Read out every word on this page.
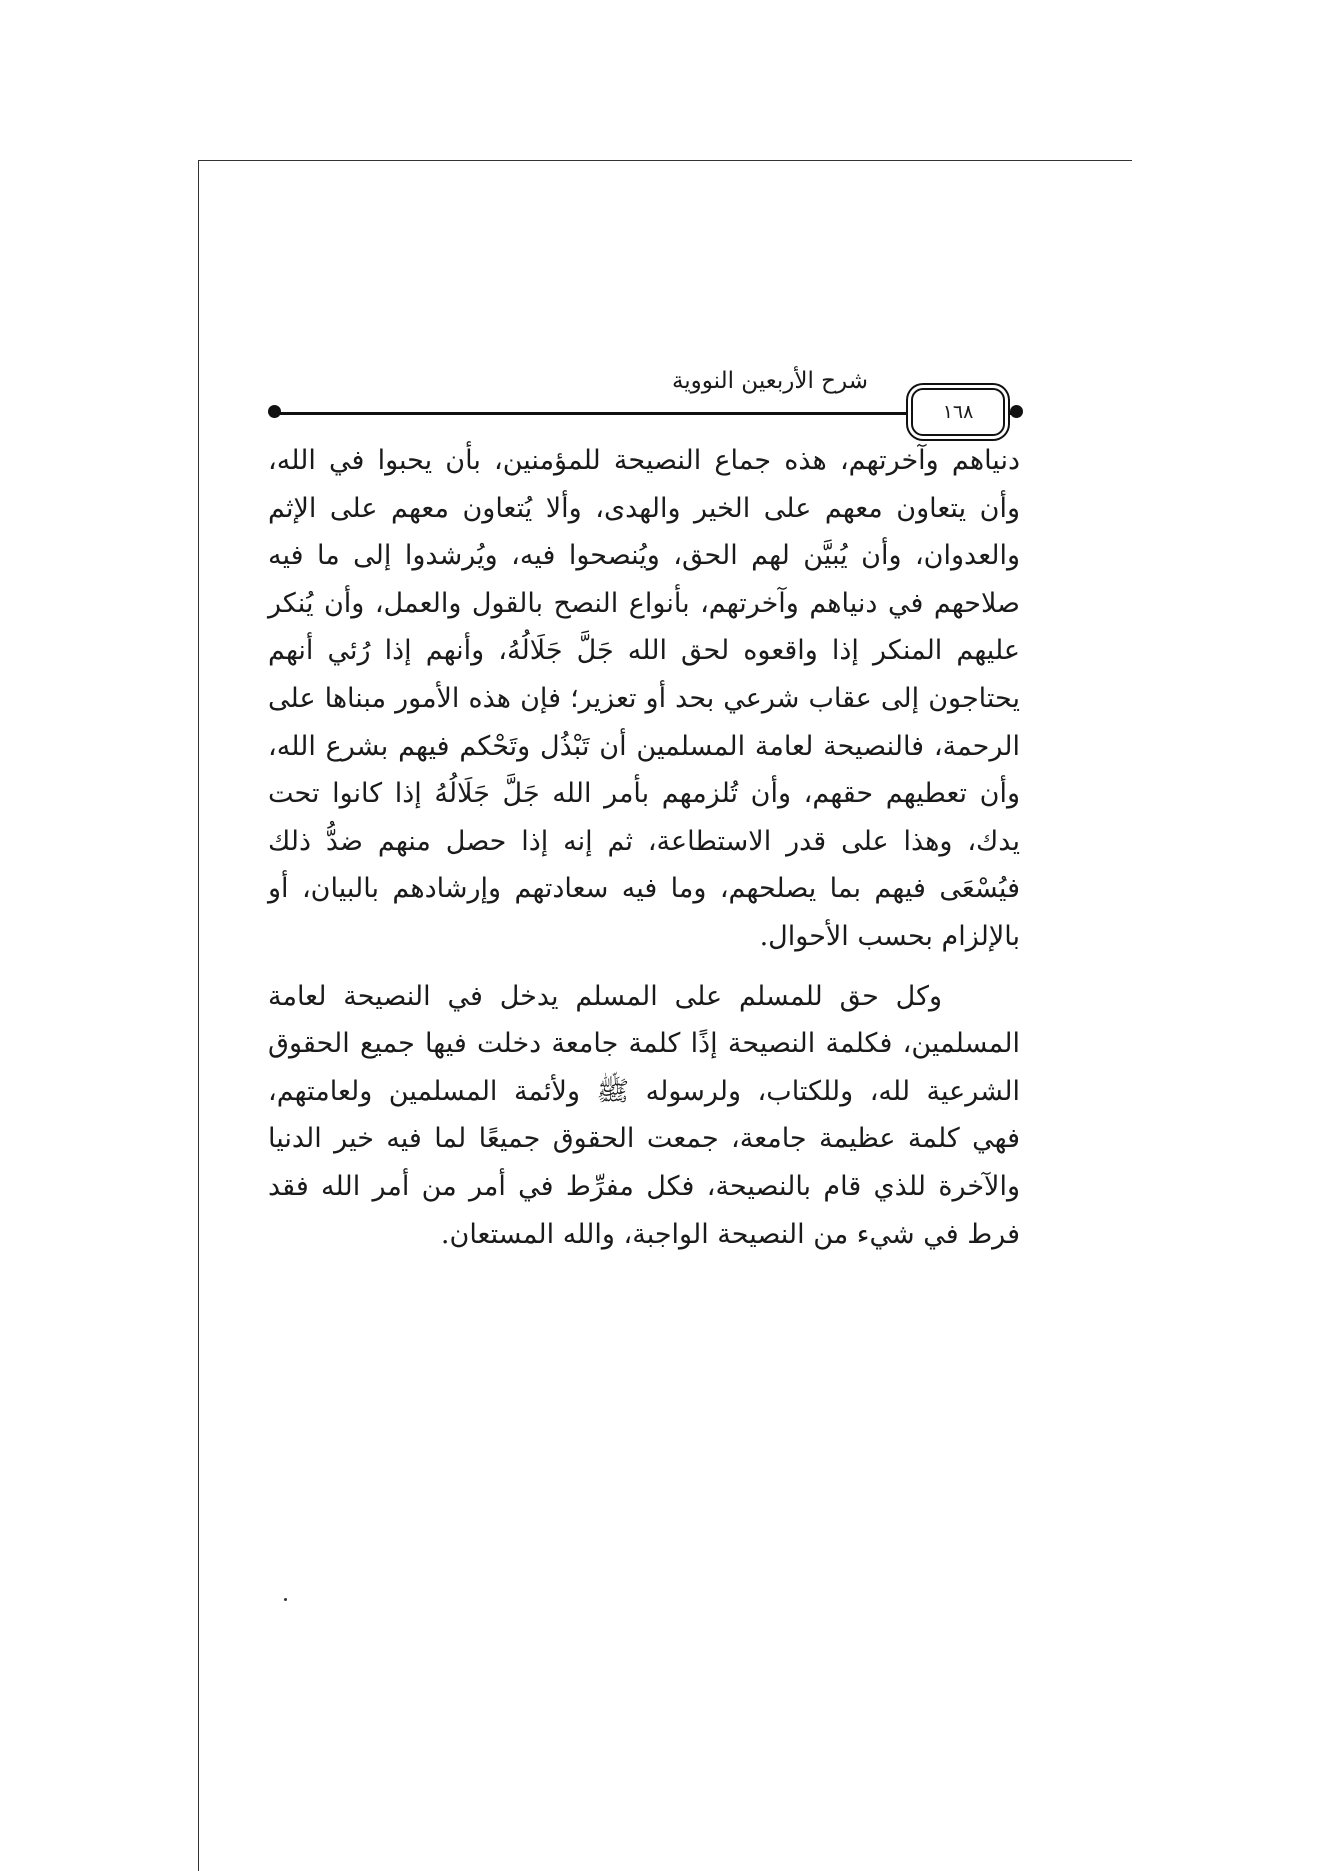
شرح الأربعين النووية
١٦٨

دنياهم وآخرتهم، هذه جماع النصيحة للمؤمنين، بأن يحبوا في الله، وأن يتعاون معهم على الخير والهدى، وألا يُتعاون معهم على الإثم والعدوان، وأن يُبيَّن لهم الحق، ويُنصحوا فيه، ويُرشدوا إلى ما فيه صلاحهم في دنياهم وآخرتهم، بأنواع النصح بالقول والعمل، وأن يُنكر عليهم المنكر إذا واقعوه لحق الله جَلَّ جَلَالُهُ، وأنهم إذا رُئي أنهم يحتاجون إلى عقاب شرعي بحد أو تعزير؛ فإن هذه الأمور مبناها على الرحمة، فالنصيحة لعامة المسلمين أن تَبْذُل وتَحْكم فيهم بشرع الله، وأن تعطيهم حقهم، وأن تُلزمهم بأمر الله جَلَّ جَلَالُهُ إذا كانوا تحت يدك، وهذا على قدر الاستطاعة، ثم إنه إذا حصل منهم ضدُّ ذلك فيُسْعَى فيهم بما يصلحهم، وما فيه سعادتهم وإرشادهم بالبيان، أو بالإلزام بحسب الأحوال.

وكل حق للمسلم على المسلم يدخل في النصيحة لعامة المسلمين، فكلمة النصيحة إذًا كلمة جامعة دخلت فيها جميع الحقوق الشرعية لله، وللكتاب، ولرسوله ﷺ ولأئمة المسلمين ولعامتهم، فهي كلمة عظيمة جامعة، جمعت الحقوق جميعًا لما فيه خير الدنيا والآخرة للذي قام بالنصيحة، فكل مفرِّط في أمر من أمر الله فقد فرط في شيء من النصيحة الواجبة، والله المستعان.
